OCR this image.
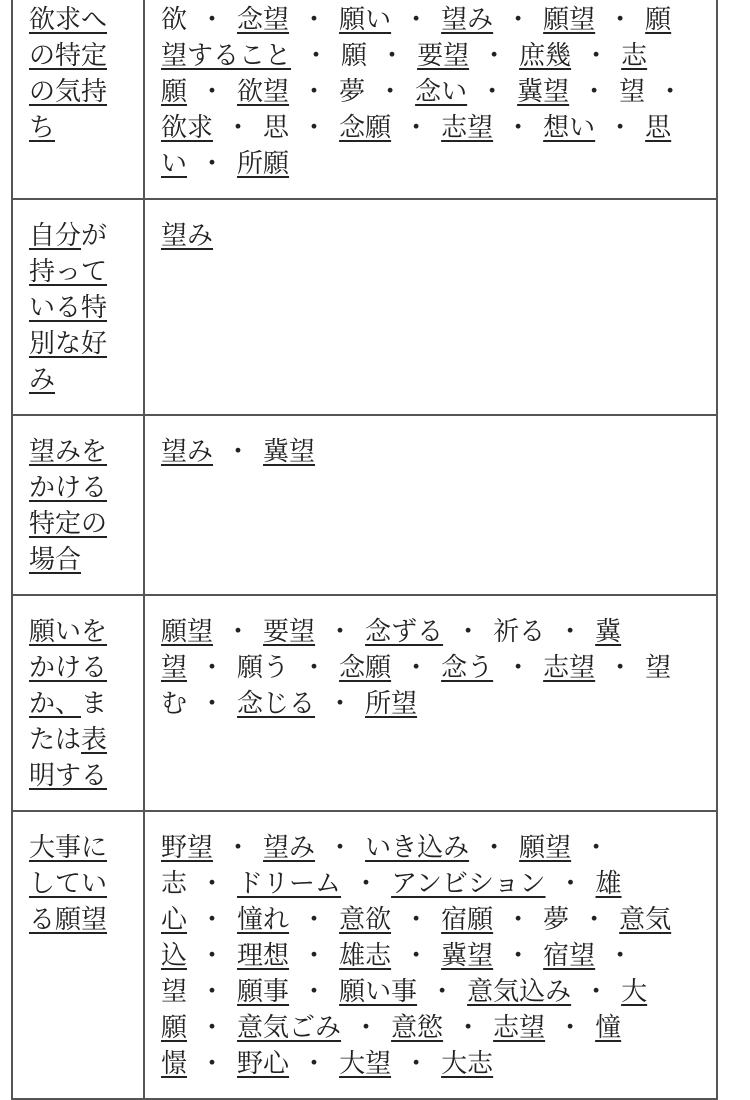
欲求への特定の気持ち	欲 ・ 念望 ・ 願い ・ 望み ・ 願望 ・ 願望すること ・ 願 ・ 要望 ・ 庶幾 ・ 志願 ・ 欲望 ・ 夢 ・ 念い ・ 冀望 ・ 望 ・欲求 ・ 思 ・ 念願 ・ 志望 ・ 想い ・ 思い ・ 所願
自分が持っている特別な好み	望み
望みをかける特定の場合	望み ・ 冀望
願いをかけるか、または表明する	願望 ・ 要望 ・ 念ずる ・ 祈る ・ 冀望 ・ 願う ・ 念願 ・ 念う ・ 志望 ・ 望む ・ 念じる ・ 所望
大事にしている願望	野望 ・ 望み ・ いき込み ・ 願望 ・志 ・ ドリーム ・ アンビション ・ 雄心 ・ 憧れ ・ 意欲 ・ 宿願 ・ 夢 ・ 意気込 ・ 理想 ・ 雄志 ・ 冀望 ・ 宿望 ・望 ・ 願事 ・ 願い事 ・ 意気込み ・ 大願 ・ 意気ごみ ・ 意慾 ・ 志望 ・ 憧憬 ・ 野心 ・ 大望 ・ 大志
